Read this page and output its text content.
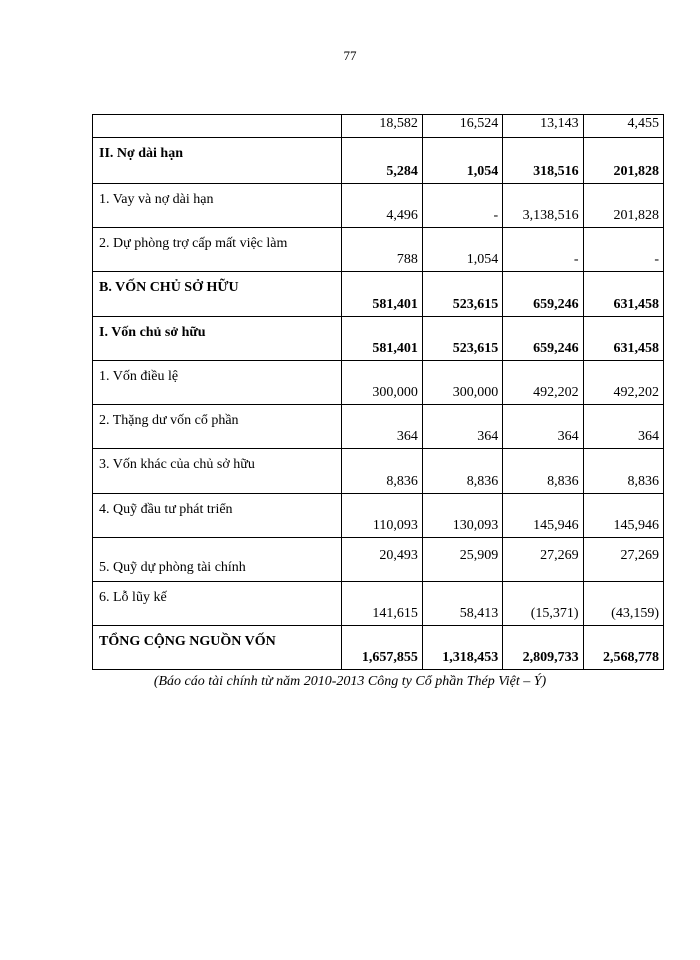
77
	18,582	16,524	13,143	4,455
II. Nợ dài hạn	5,284	1,054	318,516	201,828
1. Vay và nợ dài hạn	4,496	-	3,138,516	201,828
2. Dự phòng trợ cấp mất việc làm	788	1,054	-	-
B. VỐN CHỦ SỞ HỮU	581,401	523,615	659,246	631,458
I. Vốn chủ sở hữu	581,401	523,615	659,246	631,458
1. Vốn điều lệ	300,000	300,000	492,202	492,202
2. Thặng dư vốn cổ phần	364	364	364	364
3. Vốn khác của chủ sở hữu	8,836	8,836	8,836	8,836
4. Quỹ đầu tư phát triển	110,093	130,093	145,946	145,946
5. Quỹ dự phòng tài chính	20,493	25,909	27,269	27,269
6. Lỗ lũy kế	141,615	58,413	(15,371)	(43,159)
TỔNG CỘNG NGUỒN VỐN	1,657,855	1,318,453	2,809,733	2,568,778
(Báo cáo tài chính từ năm 2010-2013 Công ty Cổ phần Thép Việt – Ý)
